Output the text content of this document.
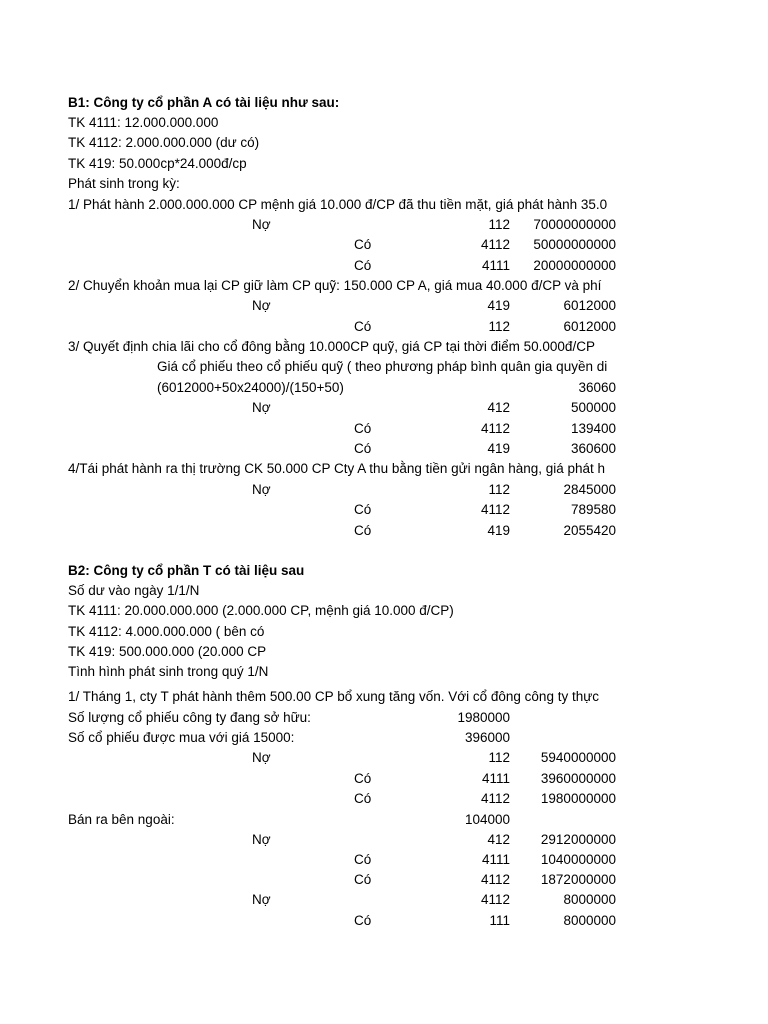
B1: Công ty cổ phần A có tài liệu như sau:
TK 4111: 12.000.000.000
TK 4112: 2.000.000.000 (dư có)
TK 419: 50.000cp*24.000đ/cp
Phát sinh trong kỳ:
1/ Phát hành 2.000.000.000 CP mệnh giá 10.000 đ/CP đã thu tiền mặt, giá phát hành 35.0
Nợ	112 70000000000
Có	4112 50000000000
Có	4111 20000000000
2/ Chuyển khoản mua lại CP giữ làm CP quỹ: 150.000 CP A, giá mua 40.000 đ/CP và phí
Nợ	419	6012000
Có	112	6012000
3/ Quyết định chia lãi cho cổ đông bằng 10.000CP quỹ, giá CP tại thời điểm 50.000đ/CP
Giá cổ phiếu theo cổ phiếu quỹ ( theo phương pháp bình quân gia quyền di
(6012000+50x24000)/(150+50)	36060
Nợ	412	500000
Có	4112	139400
Có	419	360600
4/Tái phát hành ra thị trường CK 50.000 CP Cty A thu bằng tiền gửi ngân hàng, giá phát h
Nợ	112	2845000
Có	4112	789580
Có	419	2055420
B2: Công ty cổ phần T có tài liệu sau
Số dư vào ngày 1/1/N
TK 4111: 20.000.000.000 (2.000.000 CP, mệnh giá 10.000 đ/CP)
TK 4112: 4.000.000.000 ( bên có
TK 419: 500.000.000 (20.000 CP
Tình hình phát sinh trong quý 1/N
1/ Tháng 1, cty T phát hành thêm 500.00 CP bổ xung tăng vốn. Với cổ đông công ty thực
Số lượng cổ phiếu công ty đang sở hữu:	1980000
Số cổ phiếu được mua với giá 15000:	396000
Nợ	112 5940000000
Có	4111 3960000000
Có	4112 1980000000
Bán ra bên ngoài:	104000
Nợ	412 2912000000
Có	4111 1040000000
Có	4112 1872000000
Nợ	4112	8000000
Có	111	8000000
